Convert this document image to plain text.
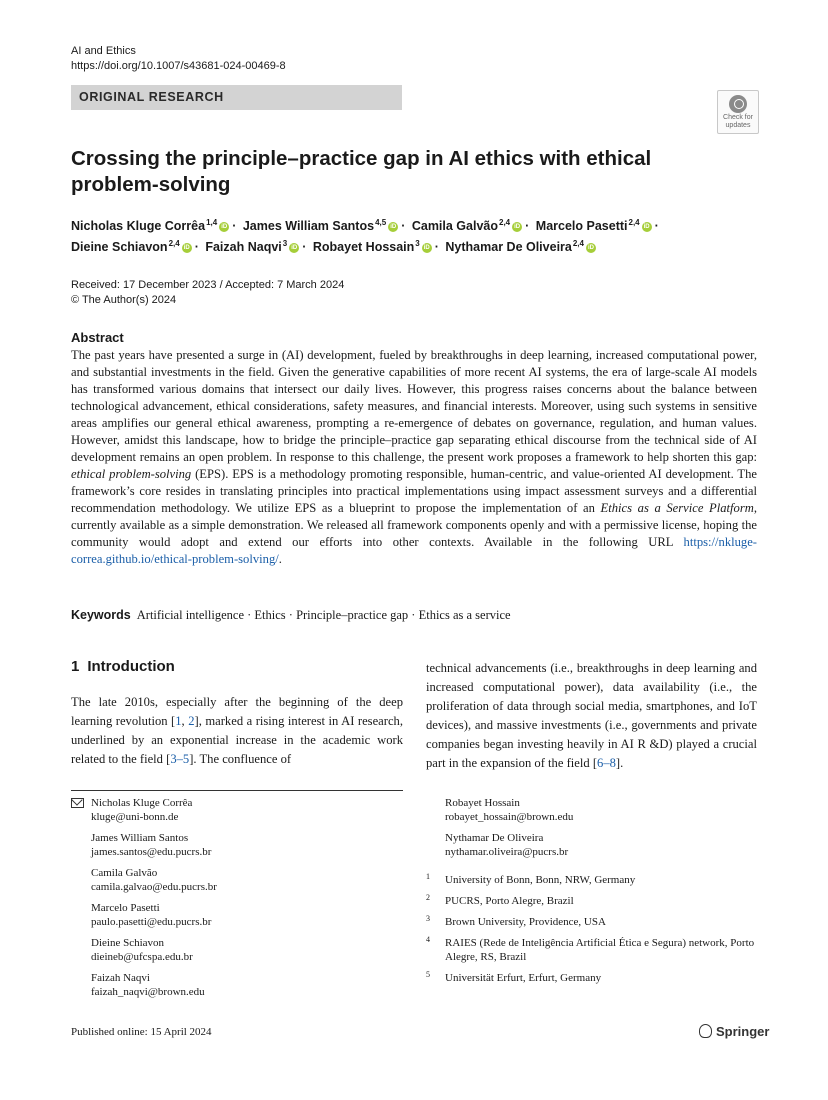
AI and Ethics
https://doi.org/10.1007/s43681-024-00469-8
ORIGINAL RESEARCH
Check for
updates
Crossing the principle–practice gap in AI ethics with ethical problem-solving
Nicholas Kluge Corrêa$^{1,4}$ iD · James William Santos$^{4,5}$ iD · Camila Galvão$^{2,4}$ iD · Marcelo Pasetti$^{2,4}$ iD ·
Dieine Schiavon$^{2,4}$ iD · Faizah Naqvi$^3$ iD · Robayet Hossain$^3$ iD · Nythamar De Oliveira$^{2,4}$ iD
Received: 17 December 2023 / Accepted: 7 March 2024
© The Author(s) 2024
Abstract
The past years have presented a surge in (AI) development, fueled by breakthroughs in deep learning, increased computational power, and substantial investments in the field. Given the generative capabilities of more recent AI systems, the era of large-scale AI models has transformed various domains that intersect our daily lives. However, this progress raises concerns about the balance between technological advancement, ethical considerations, safety measures, and financial interests. Moreover, using such systems in sensitive areas amplifies our general ethical awareness, prompting a re-emergence of debates on governance, regulation, and human values. However, amidst this landscape, how to bridge the principle–practice gap separating ethical discourse from the technical side of AI development remains an open problem. In response to this challenge, the present work proposes a framework to help shorten this gap: ethical problem-solving (EPS). EPS is a methodology promoting responsible, human-centric, and value-oriented AI development. The framework’s core resides in translating principles into practical implementations using impact assessment surveys and a differential recommendation methodology. We utilize EPS as a blueprint to propose the implementation of an Ethics as a Service Platform, currently available as a simple demonstration. We released all framework components openly and with a permissive license, hoping the community would adopt and extend our efforts into other contexts. Available in the following URL https://nkluge-correa.github.io/ethical-problem-solving/.
Keywords Artificial intelligence · Ethics · Principle–practice gap · Ethics as a service
1 Introduction
The late 2010s, especially after the beginning of the deep learning revolution [1, 2], marked a rising interest in AI research, underlined by an exponential increase in the academic work related to the field [3–5]. The confluence of
technical advancements (i.e., breakthroughs in deep learning and increased computational power), data availability (i.e., the proliferation of data through social media, smartphones, and IoT devices), and massive investments (i.e., governments and private companies began investing heavily in AI R &D) played a crucial part in the expansion of the field [6–8].
Nicholas Kluge Corrêa
kluge@uni-bonn.de
James William Santos
james.santos@edu.pucrs.br
Camila Galvão
camila.galvao@edu.pucrs.br
Marcelo Pasetti
paulo.pasetti@edu.pucrs.br
Dieine Schiavon
dieineb@ufcspa.edu.br
Faizah Naqvi
faizah_naqvi@brown.edu
Robayet Hossain
robayet_hossain@brown.edu
Nythamar De Oliveira
nythamar.oliveira@pucrs.br
1 University of Bonn, Bonn, NRW, Germany
2 PUCRS, Porto Alegre, Brazil
3 Brown University, Providence, USA
4 RAIES (Rede de Inteligência Artificial Ética e Segura) network, Porto Alegre, RS, Brazil
5 Universität Erfurt, Erfurt, Germany
Published online: 15 April 2024	Springer
